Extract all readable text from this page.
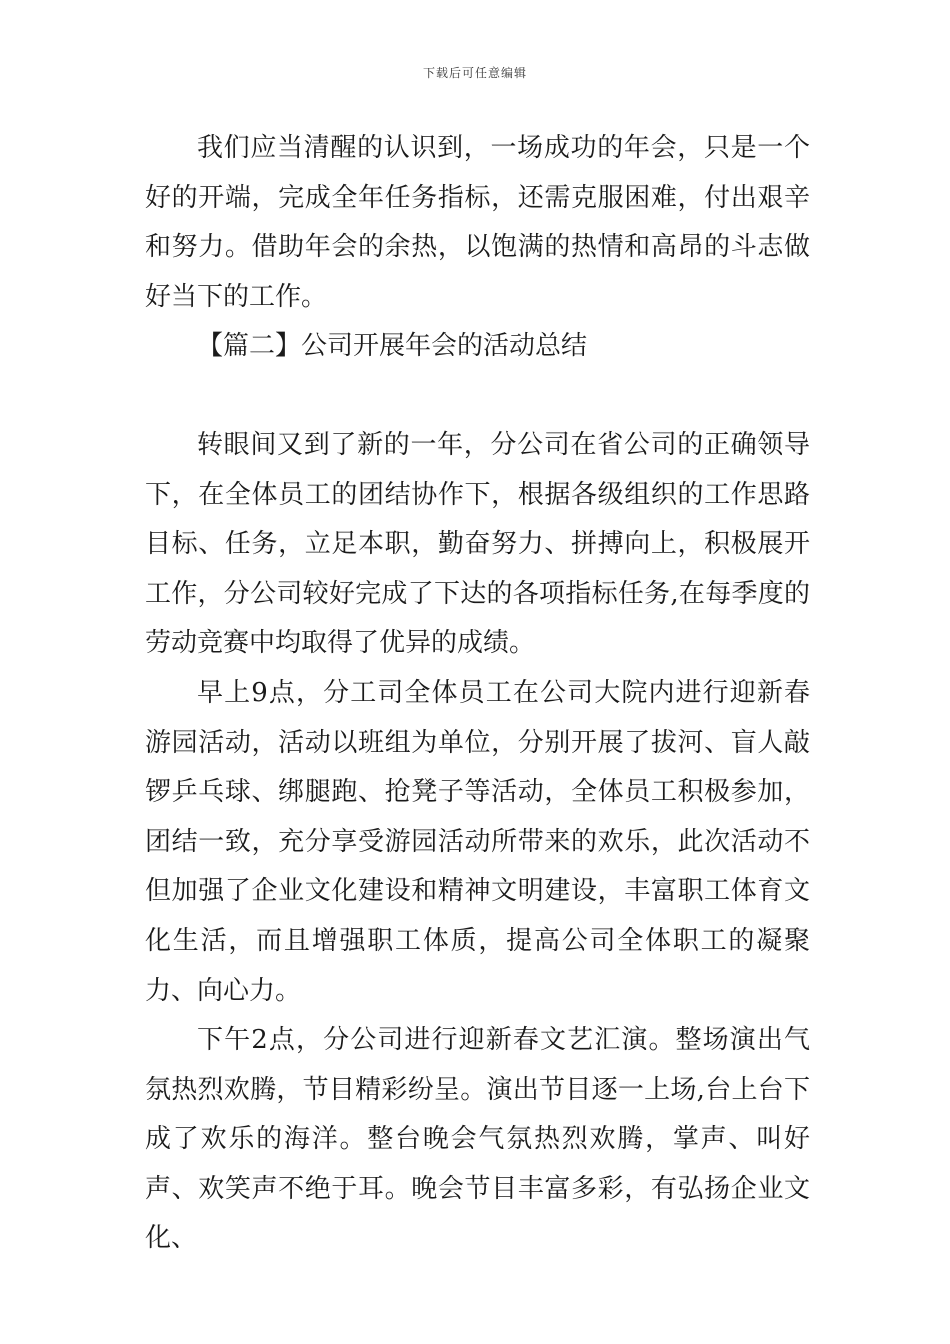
下载后可任意编辑

我们应当清醒的认识到，一场成功的年会，只是一个好的开端，完成全年任务指标，还需克服困难，付出艰辛和努力。借助年会的余热，以饱满的热情和高昂的斗志做好当下的工作。

【篇二】公司开展年会的活动总结

转眼间又到了新的一年，分公司在省公司的正确领导下，在全体员工的团结协作下，根据各级组织的工作思路目标、任务，立足本职，勤奋努力、拼搏向上，积极展开工作，分公司较好完成了下达的各项指标任务,在每季度的劳动竞赛中均取得了优异的成绩。

早上9点，分工司全体员工在公司大院内进行迎新春游园活动，活动以班组为单位，分别开展了拔河、盲人敲锣乒乓球、绑腿跑、抢凳子等活动，全体员工积极参加，团结一致，充分享受游园活动所带来的欢乐，此次活动不但加强了企业文化建设和精神文明建设，丰富职工体育文化生活，而且增强职工体质，提高公司全体职工的凝聚力、向心力。

下午2点，分公司进行迎新春文艺汇演。整场演出气氛热烈欢腾，节目精彩纷呈。演出节目逐一上场,台上台下成了欢乐的海洋。整台晚会气氛热烈欢腾，掌声、叫好声、欢笑声不绝于耳。晚会节目丰富多彩，有弘扬企业文化、
